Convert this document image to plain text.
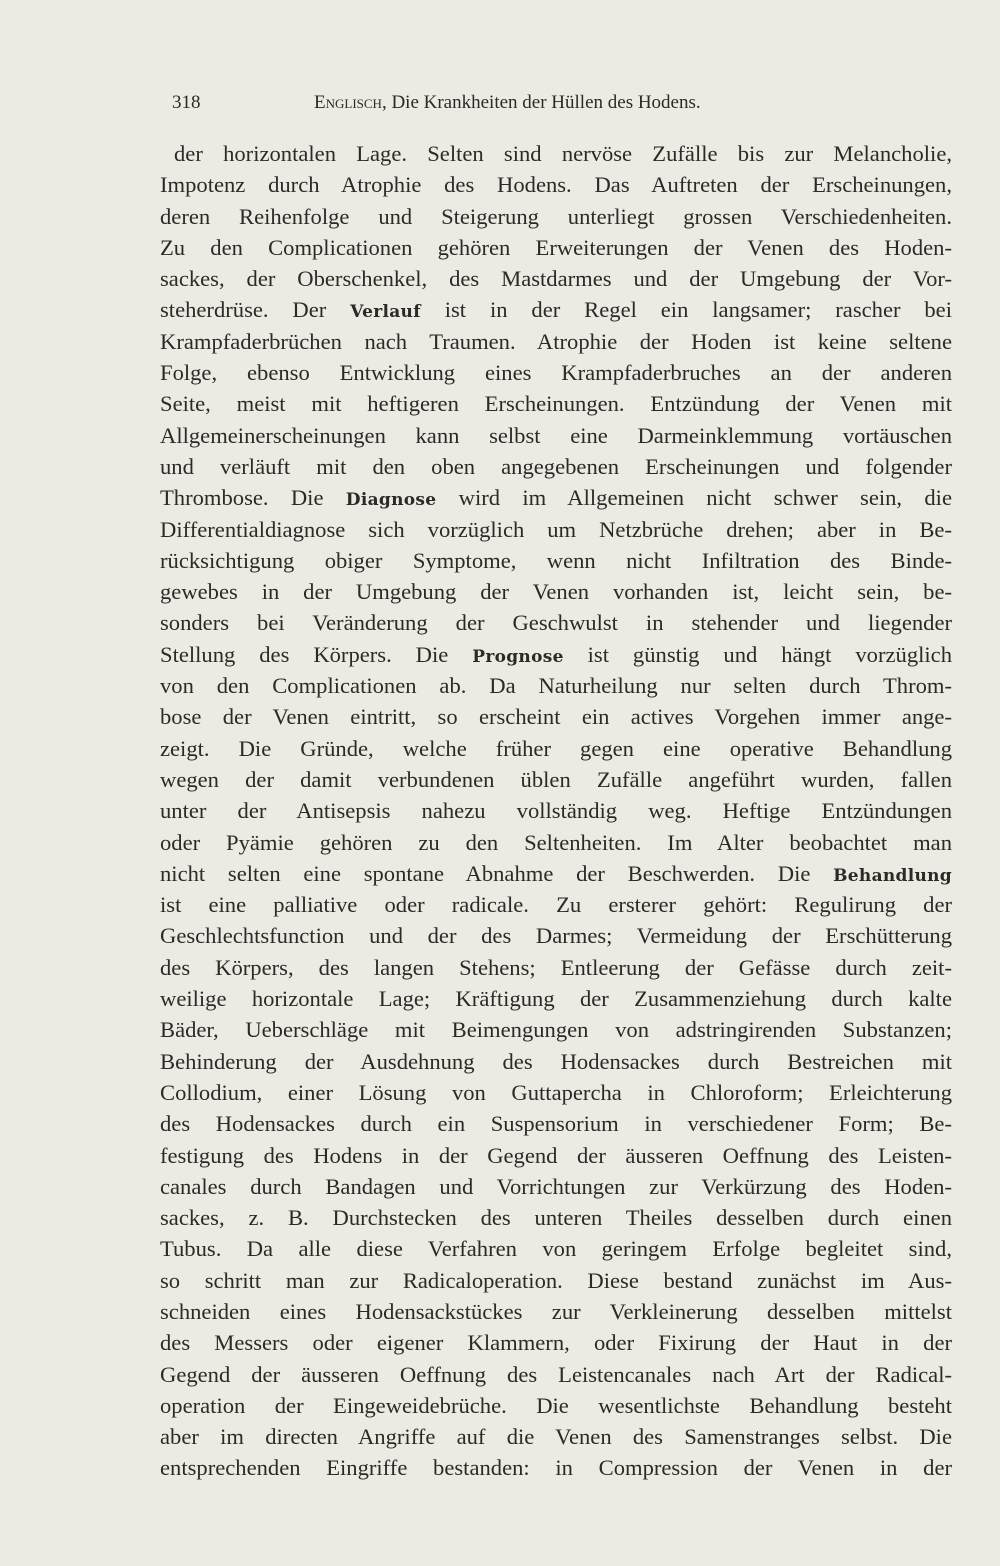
318	Englisch, Die Krankheiten der Hüllen des Hodens.
der horizontalen Lage. Selten sind nervöse Zufälle bis zur Melancholie,
Impotenz durch Atrophie des Hodens. Das Auftreten der Erscheinungen,
deren Reihenfolge und Steigerung unterliegt grossen Verschiedenheiten.
Zu den Complicationen gehören Erweiterungen der Venen des Hoden-
sackes, der Oberschenkel, des Mastdarmes und der Umgebung der Vor-
steherdrüse. Der Verlauf ist in der Regel ein langsamer; rascher bei
Krampfaderbrüchen nach Traumen. Atrophie der Hoden ist keine seltene
Folge, ebenso Entwicklung eines Krampfaderbruches an der anderen
Seite, meist mit heftigeren Erscheinungen. Entzündung der Venen mit
Allgemeinerscheinungen kann selbst eine Darmeinklemmung vortäuschen
und verläuft mit den oben angegebenen Erscheinungen und folgender
Thrombose. Die Diagnose wird im Allgemeinen nicht schwer sein, die
Differentialdiagnose sich vorzüglich um Netzbrüche drehen; aber in Be-
rücksichtigung obiger Symptome, wenn nicht Infiltration des Binde-
gewebes in der Umgebung der Venen vorhanden ist, leicht sein, be-
sonders bei Veränderung der Geschwulst in stehender und liegender
Stellung des Körpers. Die Prognose ist günstig und hängt vorzüglich
von den Complicationen ab. Da Naturheilung nur selten durch Throm-
bose der Venen eintritt, so erscheint ein actives Vorgehen immer ange-
zeigt. Die Gründe, welche früher gegen eine operative Behandlung
wegen der damit verbundenen üblen Zufälle angeführt wurden, fallen
unter der Antisepsis nahezu vollständig weg. Heftige Entzündungen
oder Pyämie gehören zu den Seltenheiten. Im Alter beobachtet man
nicht selten eine spontane Abnahme der Beschwerden. Die Behandlung
ist eine palliative oder radicale. Zu ersterer gehört: Regulirung der
Geschlechtsfunction und der des Darmes; Vermeidung der Erschütterung
des Körpers, des langen Stehens; Entleerung der Gefässe durch zeit-
weilige horizontale Lage; Kräftigung der Zusammenziehung durch kalte
Bäder, Ueberschläge mit Beimengungen von adstringirenden Substanzen;
Behinderung der Ausdehnung des Hodensackes durch Bestreichen mit
Collodium, einer Lösung von Guttapercha in Chloroform; Erleichterung
des Hodensackes durch ein Suspensorium in verschiedener Form; Be-
festigung des Hodens in der Gegend der äusseren Oeffnung des Leisten-
canales durch Bandagen und Vorrichtungen zur Verkürzung des Hoden-
sackes, z. B. Durchstecken des unteren Theiles desselben durch einen
Tubus. Da alle diese Verfahren von geringem Erfolge begleitet sind,
so schritt man zur Radicaloperation. Diese bestand zunächst im Aus-
schneiden eines Hodensackstückes zur Verkleinerung desselben mittelst
des Messers oder eigener Klammern, oder Fixirung der Haut in der
Gegend der äusseren Oeffnung des Leistencanales nach Art der Radical-
operation der Eingeweidebrüche. Die wesentlichste Behandlung besteht
aber im directen Angriffe auf die Venen des Samenstranges selbst. Die
entsprechenden Eingriffe bestanden: in Compression der Venen in der
